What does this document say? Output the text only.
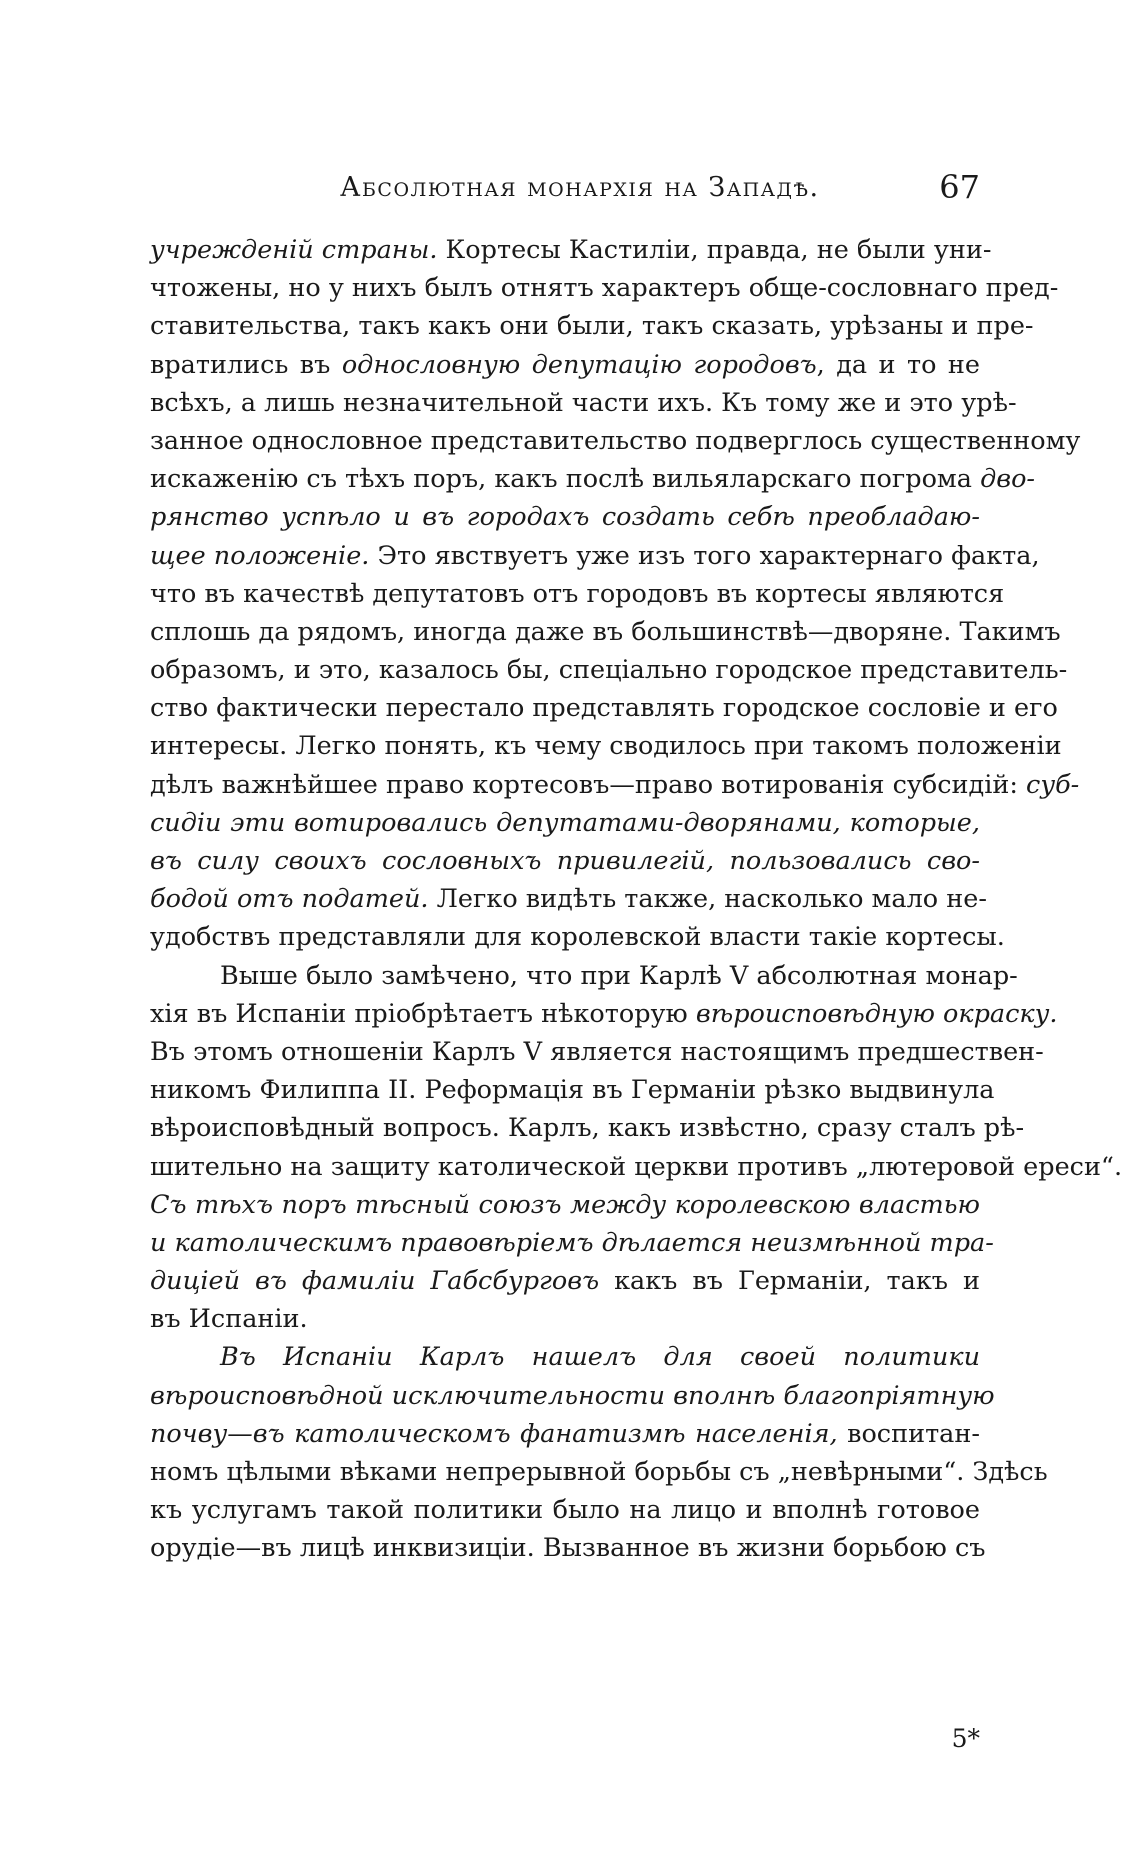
Абсолютная монархія на Западѣ.	67
учрежденій страны. Кортесы Кастиліи, правда, не были уни-
чтожены, но у нихъ былъ отнятъ характеръ обще-сословнаго пред-
ставительства, такъ какъ они были, такъ сказать, урѣзаны и пре-
вратились въ однословную депутацію городовъ, да и то не
всѣхъ, а лишь незначительной части ихъ. Къ тому же и это урѣ-
занное однословное представительство подверглось существенному
искаженію съ тѣхъ поръ, какъ послѣ вильяларскаго погрома дво-
рянство успѣло и въ городахъ создать себѣ преобладаю-
щее положеніе. Это явствуетъ уже изъ того характернаго факта,
что въ качествѣ депутатовъ отъ городовъ въ кортесы являются
сплошь да рядомъ, иногда даже въ большинствѣ—дворяне. Такимъ
образомъ, и это, казалось бы, спеціально городское представитель-
ство фактически перестало представлять городское сословіе и его
интересы. Легко понять, къ чему сводилось при такомъ положеніи
дѣлъ важнѣйшее право кортесовъ—право вотированія субсидій: суб-
сидіи эти вотировались депутатами-дворянами, которые,
въ силу своихъ сословныхъ привилегій, пользовались сво-
бодой отъ податей. Легко видѣть также, насколько мало не-
удобствъ представляли для королевской власти такіе кортесы.
Выше было замѣчено, что при Карлѣ V абсолютная монар-
хія въ Испаніи пріобрѣтаетъ нѣкоторую вѣроисповѣдную окраску.
Въ этомъ отношеніи Карлъ V является настоящимъ предшествен-
никомъ Филиппа II. Реформація въ Германіи рѣзко выдвинула
вѣроисповѣдный вопросъ. Карлъ, какъ извѣстно, сразу сталъ рѣ-
шительно на защиту католической церкви противъ „лютеровой ереси“.
Съ тѣхъ поръ тѣсный союзъ между королевскою властью
и католическимъ правовѣріемъ дѣлается неизмѣнной тра-
диціей въ фамиліи Габсбурговъ какъ въ Германіи, такъ и
въ Испаніи.
Въ Испаніи Карлъ нашелъ для своей политики
вѣроисповѣдной исключительности вполнѣ благопріятную
почву—въ католическомъ фанатизмѣ населенія, воспитан-
номъ цѣлыми вѣками непрерывной борьбы съ „невѣрными“. Здѣсь
къ услугамъ такой политики было на лицо и вполнѣ готовое
орудіе—въ лицѣ инквизиціи. Вызванное въ жизни борьбою съ
5*
